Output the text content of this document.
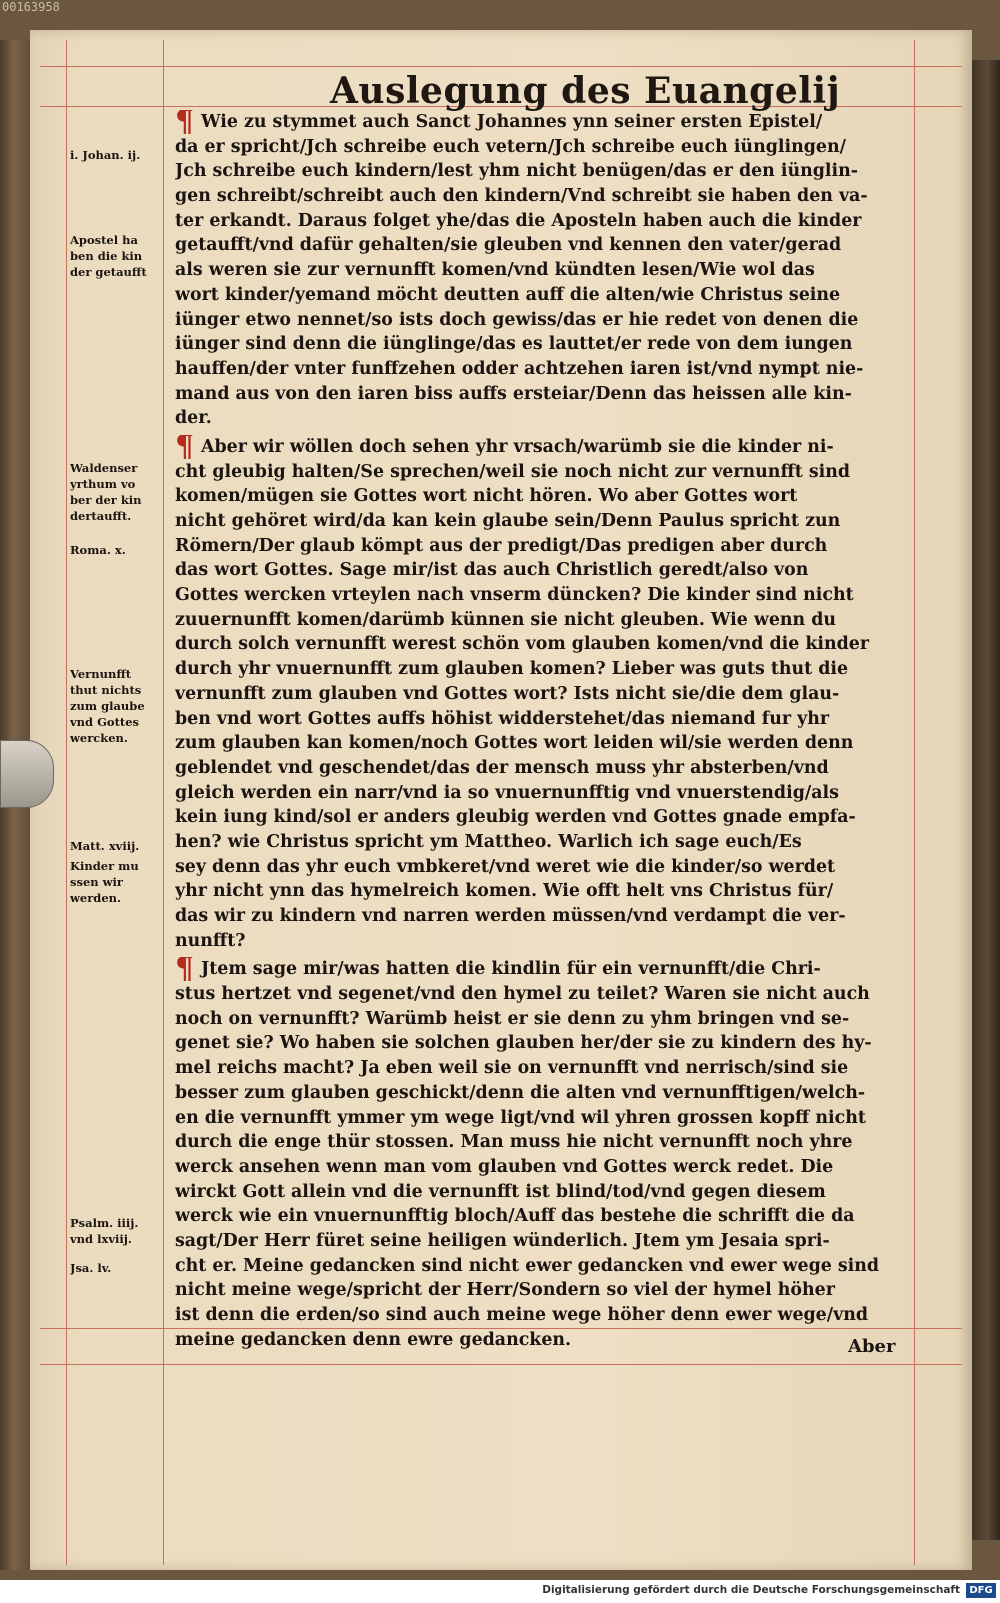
00163958
Auslegung des Euangelij
i. Johan. ij.
Apostel ha
ben die kin
der getaufft
Waldenser
yrthum vo
ber der kin
dertaufft.
Roma. x.
Vernunfft
thut nichts
zum glaube
vnd Gottes
wercken.
Matt. xviij.
Kinder mu
ssen wir
werden.
Psalm. iiij.
vnd lxviij.
Jsa. lv.
¶ Wie zu stymmet auch Sanct Johannes ynn seiner ersten Epistel/
da er spricht/Jch schreibe euch vetern/Jch schreibe euch iünglingen/
Jch schreibe euch kindern/lest yhm nicht benügen/das er den iünglin-
gen schreibt/schreibt auch den kindern/Vnd schreibt sie haben den va-
ter erkandt. Daraus folget yhe/das die Aposteln haben auch die kinder
getaufft/vnd dafür gehalten/sie gleuben vnd kennen den vater/gerad
als weren sie zur vernunfft komen/vnd kündten lesen/Wie wol das
wort kinder/yemand möcht deutten auff die alten/wie Christus seine
iünger etwo nennet/so ists doch gewiss/das er hie redet von denen die
iünger sind denn die iünglinge/das es lauttet/er rede von dem iungen
hauffen/der vnter funffzehen odder achtzehen iaren ist/vnd nympt nie-
mand aus von den iaren biss auffs ersteiar/Denn das heissen alle kin-
der.
¶ Aber wir wöllen doch sehen yhr vrsach/warümb sie die kinder ni-
cht gleubig halten/Se sprechen/weil sie noch nicht zur vernunfft sind
komen/mügen sie Gottes wort nicht hören. Wo aber Gottes wort
nicht gehöret wird/da kan kein glaube sein/Denn Paulus spricht zun
Römern/Der glaub kömpt aus der predigt/Das predigen aber durch
das wort Gottes. Sage mir/ist das auch Christlich geredt/also von
Gottes wercken vrteylen nach vnserm düncken? Die kinder sind nicht
zuuernunfft komen/darümb künnen sie nicht gleuben. Wie wenn du
durch solch vernunfft werest schön vom glauben komen/vnd die kinder
durch yhr vnuernunfft zum glauben komen? Lieber was guts thut die
vernunfft zum glauben vnd Gottes wort? Ists nicht sie/die dem glau-
ben vnd wort Gottes auffs höhist widderstehet/das niemand fur yhr
zum glauben kan komen/noch Gottes wort leiden wil/sie werden denn
geblendet vnd geschendet/das der mensch muss yhr absterben/vnd
gleich werden ein narr/vnd ia so vnuernunfftig vnd vnuerstendig/als
kein iung kind/sol er anders gleubig werden vnd Gottes gnade empfa-
hen? wie Christus spricht ym Mattheo. Warlich ich sage euch/Es
sey denn das yhr euch vmbkeret/vnd weret wie die kinder/so werdet
yhr nicht ynn das hymelreich komen. Wie offt helt vns Christus für/
das wir zu kindern vnd narren werden müssen/vnd verdampt die ver-
nunfft?
¶ Jtem sage mir/was hatten die kindlin für ein vernunfft/die Chri-
stus hertzet vnd segenet/vnd den hymel zu teilet? Waren sie nicht auch
noch on vernunfft? Warümb heist er sie denn zu yhm bringen vnd se-
genet sie? Wo haben sie solchen glauben her/der sie zu kindern des hy-
mel reichs macht? Ja eben weil sie on vernunfft vnd nerrisch/sind sie
besser zum glauben geschickt/denn die alten vnd vernunfftigen/welch-
en die vernunfft ymmer ym wege ligt/vnd wil yhren grossen kopff nicht
durch die enge thür stossen. Man muss hie nicht vernunfft noch yhre
werck ansehen wenn man vom glauben vnd Gottes werck redet. Die
wirckt Gott allein vnd die vernunfft ist blind/tod/vnd gegen diesem
werck wie ein vnuernunfftig bloch/Auff das bestehe die schrifft die da
sagt/Der Herr füret seine heiligen wünderlich. Jtem ym Jesaia spri-
cht er. Meine gedancken sind nicht ewer gedancken vnd ewer wege sind
nicht meine wege/spricht der Herr/Sondern so viel der hymel höher
ist denn die erden/so sind auch meine wege höher denn ewer wege/vnd
meine gedancken denn ewre gedancken.	Aber
Digitalisierung gefördert durch die Deutsche Forschungsgemeinschaft DFG
